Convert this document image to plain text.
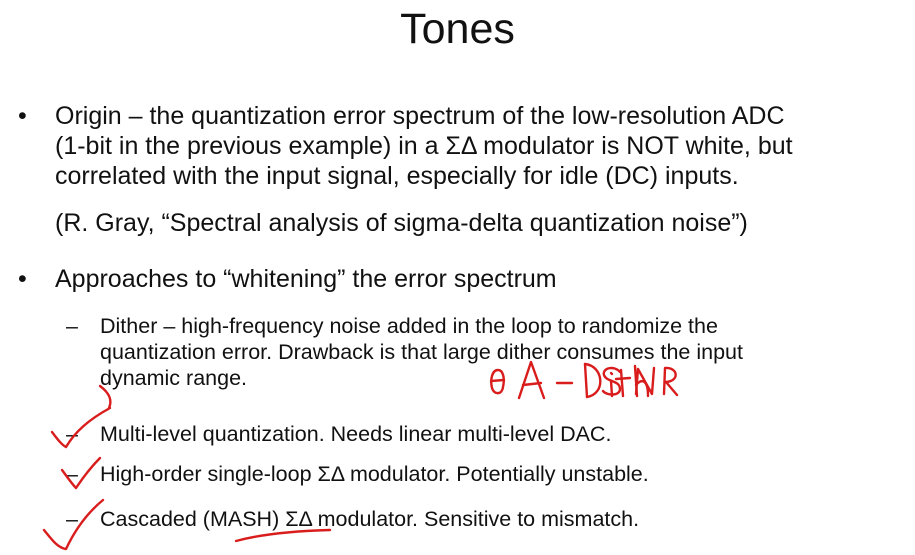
Tones
•	Origin – the quantization error spectrum of the low-resolution ADC
(1-bit in the previous example) in a ΣΔ modulator is NOT white, but
correlated with the input signal, especially for idle (DC) inputs.
(R. Gray, “Spectral analysis of sigma-delta quantization noise”)
•	Approaches to “whitening” the error spectrum
– Dither – high-frequency noise added in the loop to randomize the
quantization error. Drawback is that large dither consumes the input
dynamic range.
– Multi-level quantization. Needs linear multi-level DAC.
– High-order single-loop ΣΔ modulator. Potentially unstable.
– Cascaded (MASH) ΣΔ modulator. Sensitive to mismatch.
